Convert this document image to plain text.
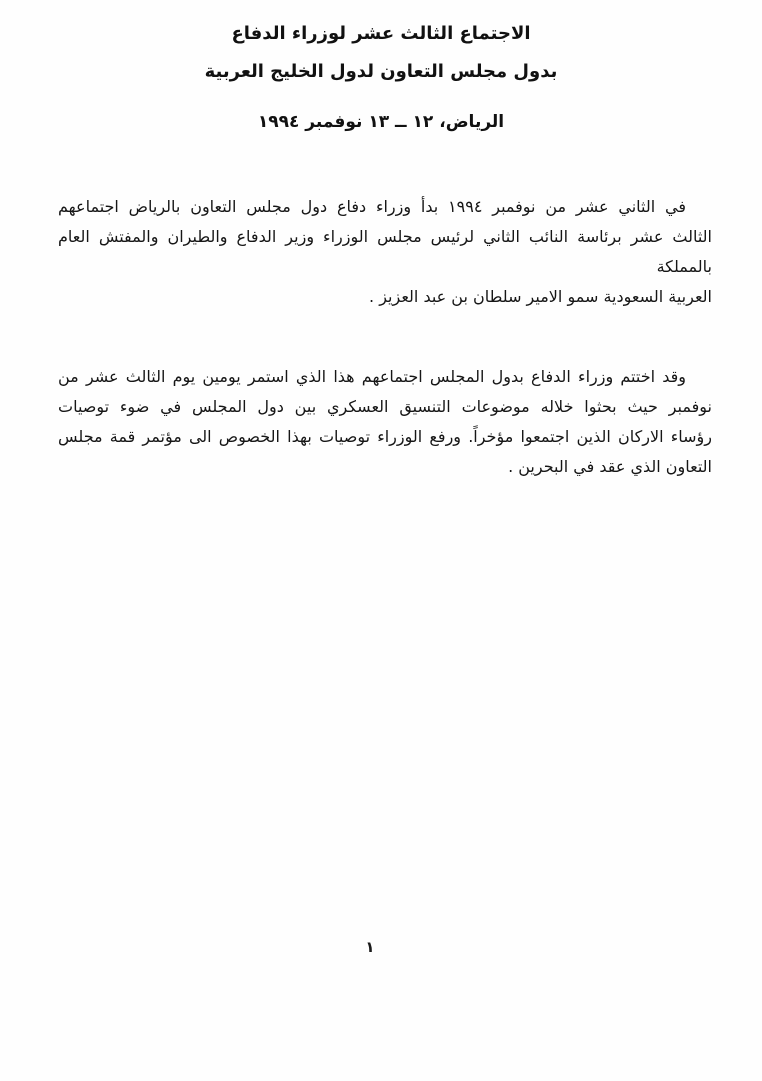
الاجتماع الثالث عشر لوزراء الدفاع
بدول مجلس التعاون لدول الخليج العربية
الرياض، ١٢ ــ ١٣ نوفمبر ١٩٩٤

في الثاني عشر من نوفمبر ١٩٩٤ بدأ وزراء دفاع دول مجلس التعاون بالرياض اجتماعهم
الثالث عشر برئاسة النائب الثاني لرئيس مجلس الوزراء وزير الدفاع والطيران والمفتش العام بالمملكة
العربية السعودية سمو الامير سلطان بن عبد العزيز .

وقد اختتم وزراء الدفاع بدول المجلس اجتماعهم هذا الذي استمر يومين يوم الثالث عشر من
نوفمبر حيث بحثوا خلاله موضوعات التنسيق العسكري بين دول المجلس في ضوء توصيات
رؤساء الاركان الذين اجتمعوا مؤخراً. ورفع الوزراء توصيات بهذا الخصوص الى مؤتمر قمة مجلس
التعاون الذي عقد في البحرين .

١
